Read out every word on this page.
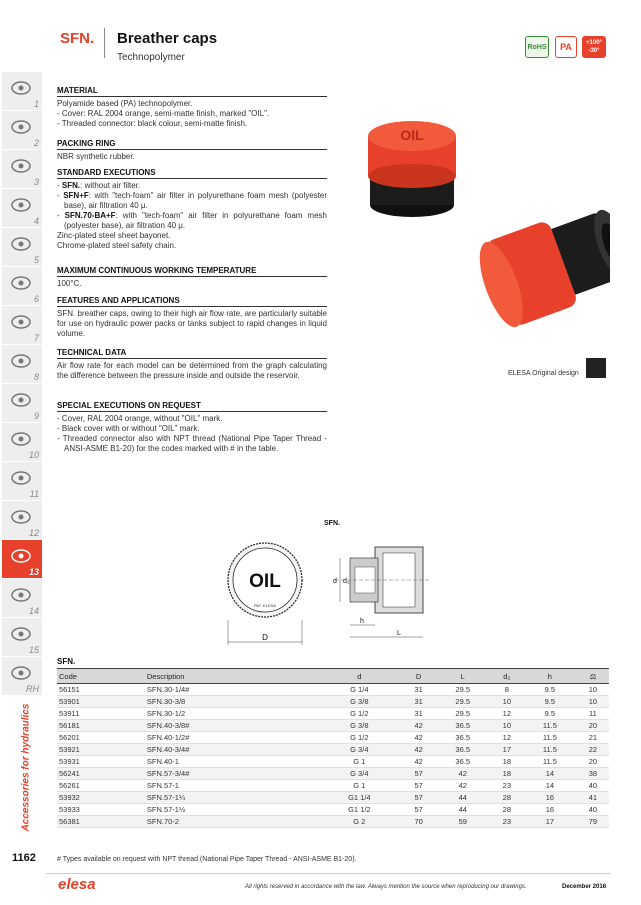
SFN. Breather caps
Technopolymer
RoHS	PA	+100°
-30°
1
2
3
4
5
6
7
8
9
10
11
12
13
14
15
RH
Accessories for hydraulics
1162
MATERIAL

Polyamide based (PA) technopolymer.

- Cover: RAL 2004 orange, semi-matte finish, marked "OIL".

- Threaded connector: black colour, semi-matte finish.

PACKING RING

NBR synthetic rubber.

STANDARD EXECUTIONS

- SFN.: without air filter.

- SFN+F: with "tech-foam" air filter in polyurethane foam mesh (polyester base), air filtration 40 μ.

- SFN.70-BA+F: with "tech-foam" air filter in polyurethane foam mesh (polyester base), air filtration 40 μ.

Zinc-plated steel sheet bayonet.

Chrome-plated steel safety chain.

MAXIMUM CONTINUOUS WORKING TEMPERATURE

100°C.

FEATURES AND APPLICATIONS

SFN. breather caps, owing to their high air flow rate, are particularly suitable for use on hydraulic power packs or tanks subject to rapid changes in liquid volume.

TECHNICAL DATA

Air flow rate for each model can be determined from the graph calculating the difference between the pressure inside and outside the reservoir.

SPECIAL EXECUTIONS ON REQUEST

- Cover, RAL 2004 orange, without "OIL" mark.

- Black cover with or without "OIL" mark.

- Threaded connector also with NPT thread (National Pipe Taper Thread - ANSI-ASME B1-20) for the codes marked with # in the table.

OIL
ELESA Original design
SFN.
OIL
PAT. ELESA
D
d d₂
h
L
SFN.
Code	Description	d	D	L	d₂	h	⚖
56151	SFN.30-1/4#	G 1/4	31	29.5	8	9.5	10
53901	SFN.30-3/8	G 3/8	31	29.5	10	9.5	10
53911	SFN.30-1/2	G 1/2	31	29.5	12	9.5	11
56181	SFN.40-3/8#	G 3/8	42	36.5	10	11.5	20
56201	SFN.40-1/2#	G 1/2	42	36.5	12	11.5	21
53921	SFN.40-3/4#	G 3/4	42	36.5	17	11.5	22
53931	SFN.40-1	G 1	42	36.5	18	11.5	20
56241	SFN.57-3/4#	G 3/4	57	42	18	14	38
56261	SFN.57-1	G 1	57	42	23	14	40
53932	SFN.57-1¼	G1 1/4	57	44	28	16	41
53933	SFN.57-1½	G1 1/2	57	44	28	16	40
56381	SFN.70-2	G 2	70	59	23	17	79
# Types available on request with NPT thread (National Pipe Taper Thread - ANSI-ASME B1-20).
elesa	All rights reserved in accordance with the law. Always mention the source when reproducing our drawings.	December 2016
